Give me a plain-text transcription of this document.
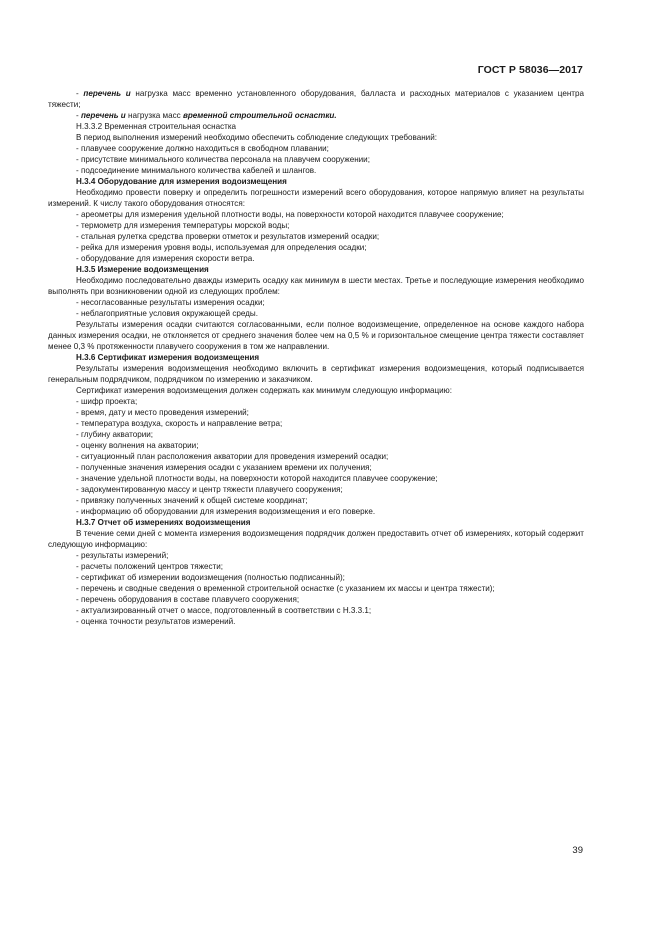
ГОСТ Р 58036—2017

- перечень и нагрузка масс временно установленного оборудования, балласта и расходных материалов с указанием центра тяжести;

- перечень и нагрузка масс временной строительной оснастки.

Н.3.3.2 Временная строительная оснастка

В период выполнения измерений необходимо обеспечить соблюдение следующих требований:

- плавучее сооружение должно находиться в свободном плавании;

- присутствие минимального количества персонала на плавучем сооружении;

- подсоединение минимального количества кабелей и шлангов.

Н.3.4 Оборудование для измерения водоизмещения

Необходимо провести поверку и определить погрешности измерений всего оборудования, которое напрямую влияет на результаты измерений. К числу такого оборудования относятся:

- ареометры для измерения удельной плотности воды, на поверхности которой находится плавучее сооружение;

- термометр для измерения температуры морской воды;

- стальная рулетка средства проверки отметок и результатов измерений осадки;

- рейка для измерения уровня воды, используемая для определения осадки;

- оборудование для измерения скорости ветра.

Н.3.5 Измерение водоизмещения

Необходимо последовательно дважды измерить осадку как минимум в шести местах. Третье и последующие измерения необходимо выполнять при возникновении одной из следующих проблем:

- несогласованные результаты измерения осадки;

- неблагоприятные условия окружающей среды.

Результаты измерения осадки считаются согласованными, если полное водоизмещение, определенное на основе каждого набора данных измерения осадки, не отклоняется от среднего значения более чем на 0,5 % и горизонтальное смещение центра тяжести составляет менее 0,3 % протяженности плавучего сооружения в том же направлении.

Н.3.6 Сертификат измерения водоизмещения

Результаты измерения водоизмещения необходимо включить в сертификат измерения водоизмещения, который подписывается генеральным подрядчиком, подрядчиком по измерению и заказчиком.

Сертификат измерения водоизмещения должен содержать как минимум следующую информацию:

- шифр проекта;

- время, дату и место проведения измерений;

- температура воздуха, скорость и направление ветра;

- глубину акватории;

- оценку волнения на акватории;

- ситуационный план расположения акватории для проведения измерений осадки;

- полученные значения измерения осадки с указанием времени их получения;

- значение удельной плотности воды, на поверхности которой находится плавучее сооружение;

- задокументированную массу и центр тяжести плавучего сооружения;

- привязку полученных значений к общей системе координат;

- информацию об оборудовании для измерения водоизмещения и его поверке.

Н.3.7 Отчет об измерениях водоизмещения

В течение семи дней с момента измерения водоизмещения подрядчик должен предоставить отчет об измерениях, который содержит следующую информацию:

- результаты измерений;

- расчеты положений центров тяжести;

- сертификат об измерении водоизмещения (полностью подписанный);

- перечень и сводные сведения о временной строительной оснастке (с указанием их массы и центра тяжести);

- перечень оборудования в составе плавучего сооружения;

- актуализированный отчет о массе, подготовленный в соответствии с Н.3.3.1;

- оценка точности результатов измерений.

39
